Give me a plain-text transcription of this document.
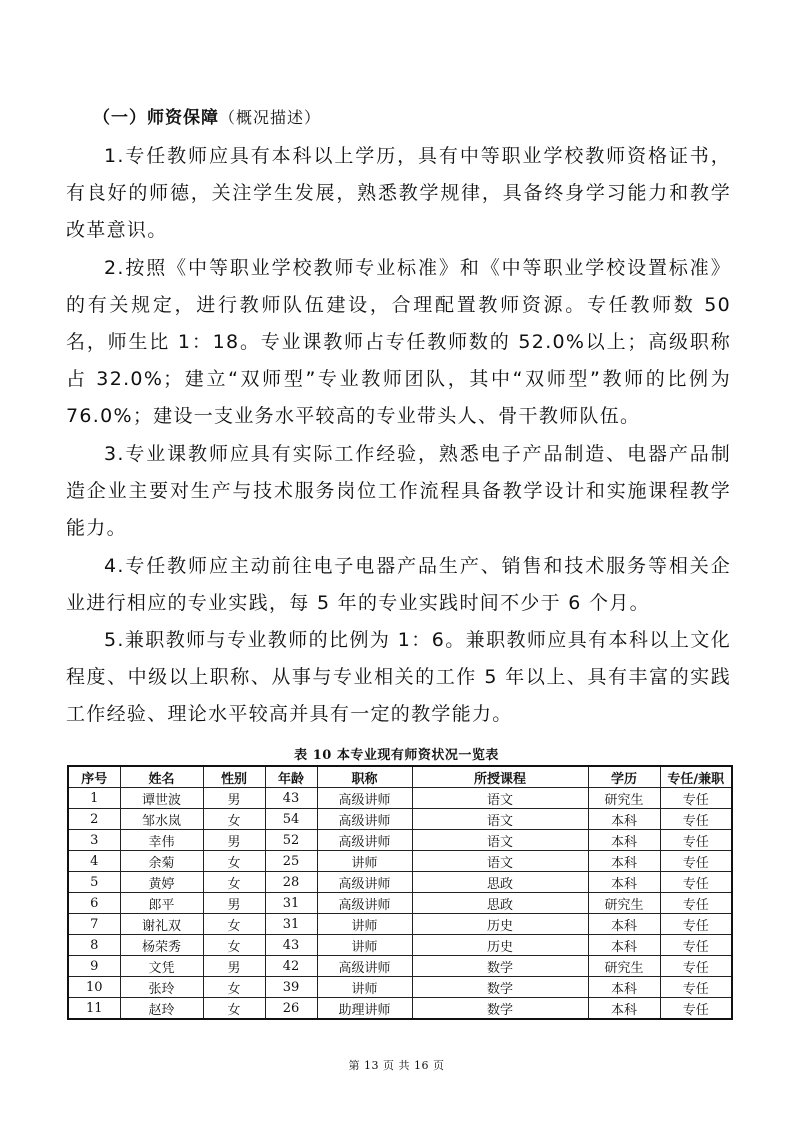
（一）师资保障（概况描述）

1.专任教师应具有本科以上学历，具有中等职业学校教师资格证书，有良好的师德，关注学生发展，熟悉教学规律，具备终身学习能力和教学改革意识。

2.按照《中等职业学校教师专业标准》和《中等职业学校设置标准》的有关规定，进行教师队伍建设，合理配置教师资源。专任教师数 50 名，师生比 1：18。专业课教师占专任教师数的 52.0%以上；高级职称占 32.0%；建立“双师型”专业教师团队，其中“双师型”教师的比例为 76.0%；建设一支业务水平较高的专业带头人、骨干教师队伍。

3.专业课教师应具有实际工作经验，熟悉电子产品制造、电器产品制造企业主要对生产与技术服务岗位工作流程具备教学设计和实施课程教学能力。

4.专任教师应主动前往电子电器产品生产、销售和技术服务等相关企业进行相应的专业实践，每 5 年的专业实践时间不少于 6 个月。

5.兼职教师与专业教师的比例为 1：6。兼职教师应具有本科以上文化程度、中级以上职称、从事与专业相关的工作 5 年以上、具有丰富的实践工作经验、理论水平较高并具有一定的教学能力。

表 10 本专业现有师资状况一览表
序号	姓名	性别	年龄	职称	所授课程	学历	专任/兼职
1	谭世波	男	43	高级讲师	语文	研究生	专任
2	邹水岚	女	54	高级讲师	语文	本科	专任
3	幸伟	男	52	高级讲师	语文	本科	专任
4	余菊	女	25	讲师	语文	本科	专任
5	黄婷	女	28	高级讲师	思政	本科	专任
6	郎平	男	31	高级讲师	思政	研究生	专任
7	谢礼双	女	31	讲师	历史	本科	专任
8	杨荣秀	女	43	讲师	历史	本科	专任
9	文凭	男	42	高级讲师	数学	研究生	专任
10	张玲	女	39	讲师	数学	本科	专任
11	赵玲	女	26	助理讲师	数学	本科	专任
第 13 页 共 16 页
